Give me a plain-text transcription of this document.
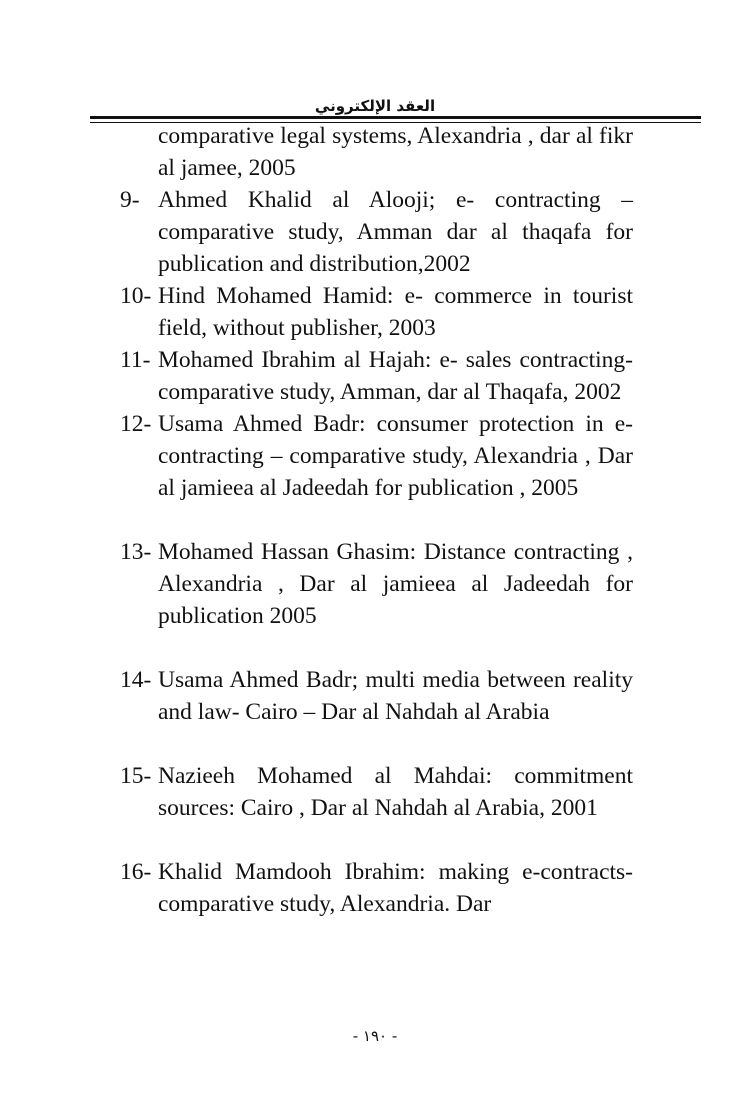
العقد الإلكتروني
comparative legal systems, Alexandria , dar al fikr al jamee, 2005
9- Ahmed Khalid al Alooji; e- contracting – comparative study, Amman dar al thaqafa for publication and distribution,2002
10- Hind Mohamed Hamid: e- commerce in tourist field, without publisher, 2003
11- Mohamed Ibrahim al Hajah: e- sales contracting- comparative study, Amman, dar al Thaqafa, 2002
12- Usama Ahmed Badr: consumer protection in e-contracting – comparative study, Alexandria , Dar al jamieea al Jadeedah for publication , 2005
13- Mohamed Hassan Ghasim: Distance contracting , Alexandria , Dar al jamieea al Jadeedah for publication 2005
14- Usama Ahmed Badr; multi media between reality and law- Cairo – Dar al Nahdah al Arabia
15- Nazieeh Mohamed al Mahdai: commitment sources: Cairo , Dar al Nahdah al Arabia, 2001
16- Khalid Mamdooh Ibrahim: making e-contracts- comparative study, Alexandria. Dar
- ١٩٠ -
